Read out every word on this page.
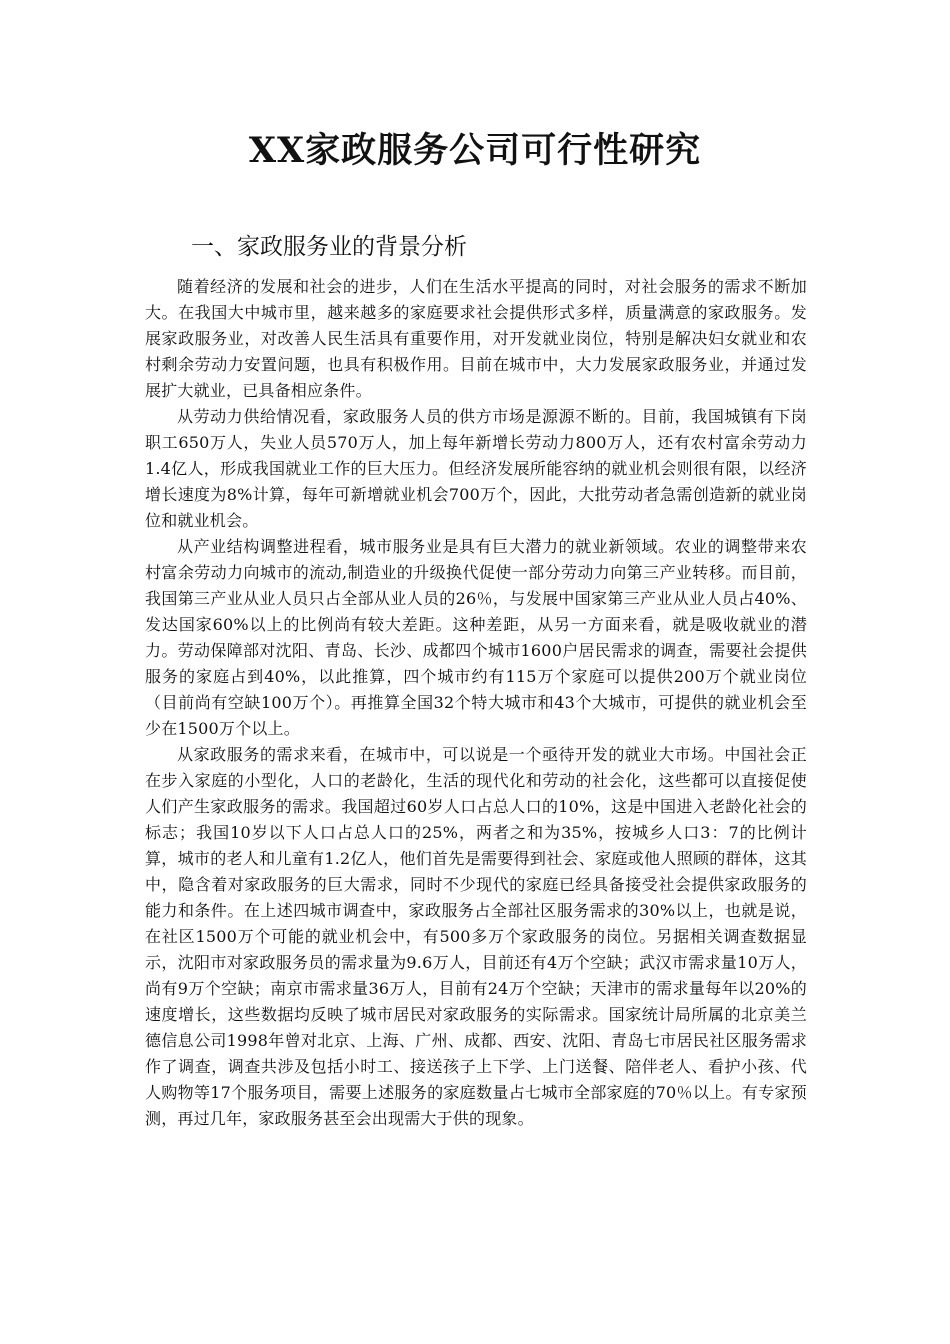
XX家政服务公司可行性研究
一、家政服务业的背景分析

随着经济的发展和社会的进步，人们在生活水平提高的同时，对社会服务的需求不断加大。在我国大中城市里，越来越多的家庭要求社会提供形式多样，质量满意的家政服务。发展家政服务业，对改善人民生活具有重要作用，对开发就业岗位，特别是解决妇女就业和农村剩余劳动力安置问题，也具有积极作用。目前在城市中，大力发展家政服务业，并通过发展扩大就业，已具备相应条件。

从劳动力供给情况看，家政服务人员的供方市场是源源不断的。目前，我国城镇有下岗职工650万人，失业人员570万人，加上每年新增长劳动力800万人，还有农村富余劳动力1.4亿人，形成我国就业工作的巨大压力。但经济发展所能容纳的就业机会则很有限，以经济增长速度为8%计算，每年可新增就业机会700万个，因此，大批劳动者急需创造新的就业岗位和就业机会。

从产业结构调整进程看，城市服务业是具有巨大潜力的就业新领域。农业的调整带来农村富余劳动力向城市的流动,制造业的升级换代促使一部分劳动力向第三产业转移。而目前，我国第三产业从业人员只占全部从业人员的26％，与发展中国家第三产业从业人员占40%、发达国家60%以上的比例尚有较大差距。这种差距，从另一方面来看，就是吸收就业的潜力。劳动保障部对沈阳、青岛、长沙、成都四个城市1600户居民需求的调查，需要社会提供服务的家庭占到40%，以此推算，四个城市约有115万个家庭可以提供200万个就业岗位（目前尚有空缺100万个）。再推算全国32个特大城市和43个大城市，可提供的就业机会至少在1500万个以上。

从家政服务的需求来看，在城市中，可以说是一个亟待开发的就业大市场。中国社会正在步入家庭的小型化，人口的老龄化，生活的现代化和劳动的社会化，这些都可以直接促使人们产生家政服务的需求。我国超过60岁人口占总人口的10%，这是中国进入老龄化社会的标志；我国10岁以下人口占总人口的25%，两者之和为35%，按城乡人口3：7的比例计算，城市的老人和儿童有1.2亿人，他们首先是需要得到社会、家庭或他人照顾的群体，这其中，隐含着对家政服务的巨大需求，同时不少现代的家庭已经具备接受社会提供家政服务的能力和条件。在上述四城市调查中，家政服务占全部社区服务需求的30%以上，也就是说，在社区1500万个可能的就业机会中，有500多万个家政服务的岗位。另据相关调查数据显示，沈阳市对家政服务员的需求量为9.6万人，目前还有4万个空缺；武汉市需求量10万人，尚有9万个空缺；南京市需求量36万人，目前有24万个空缺；天津市的需求量每年以20%的速度增长，这些数据均反映了城市居民对家政服务的实际需求。国家统计局所属的北京美兰德信息公司1998年曾对北京、上海、广州、成都、西安、沈阳、青岛七市居民社区服务需求作了调查，调查共涉及包括小时工、接送孩子上下学、上门送餐、陪伴老人、看护小孩、代人购物等17个服务项目，需要上述服务的家庭数量占七城市全部家庭的70％以上。有专家预测，再过几年，家政服务甚至会出现需大于供的现象。
